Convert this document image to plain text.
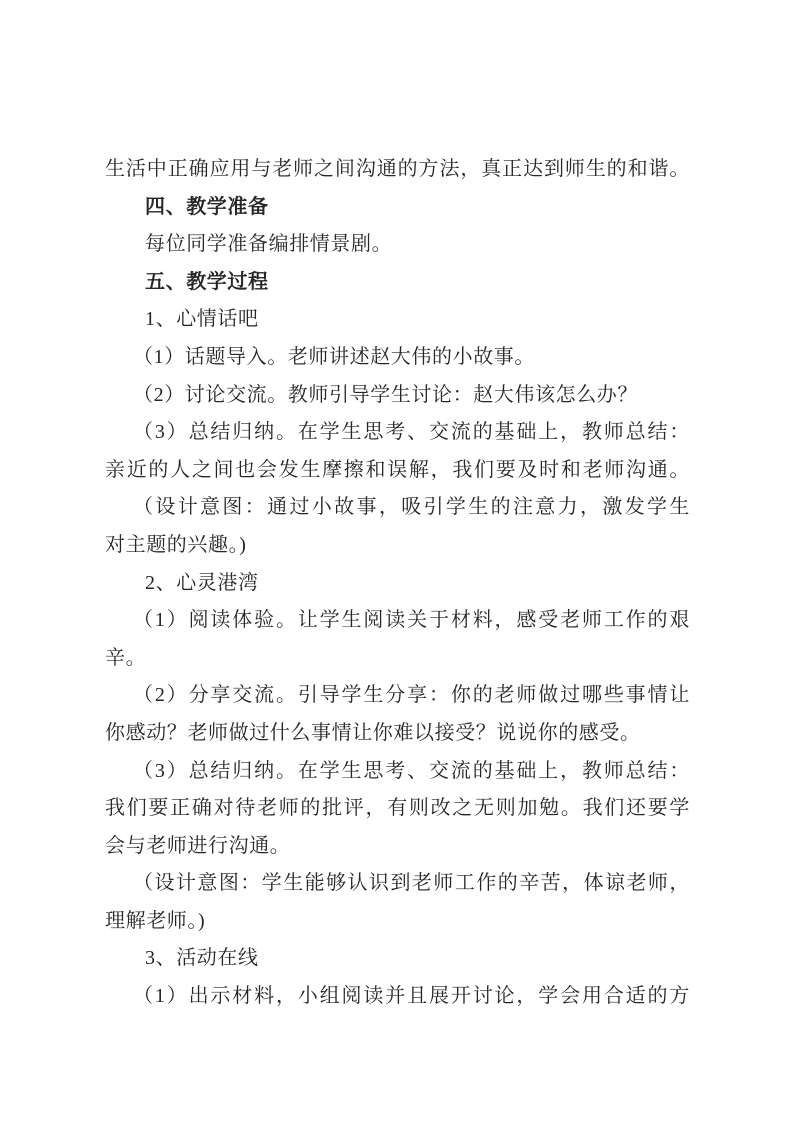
生活中正确应用与老师之间沟通的方法，真正达到师生的和谐。
四、教学准备
每位同学准备编排情景剧。
五、教学过程
1、心情话吧
（1）话题导入。老师讲述赵大伟的小故事。
（2）讨论交流。教师引导学生讨论：赵大伟该怎么办？
（3）总结归纳。在学生思考、交流的基础上，教师总结：
亲近的人之间也会发生摩擦和误解，我们要及时和老师沟通。
（设计意图：通过小故事，吸引学生的注意力，激发学生
对主题的兴趣。)
2、心灵港湾
（1）阅读体验。让学生阅读关于材料，感受老师工作的艰
辛。
（2）分享交流。引导学生分享：你的老师做过哪些事情让
你感动？老师做过什么事情让你难以接受？说说你的感受。
（3）总结归纳。在学生思考、交流的基础上，教师总结：
我们要正确对待老师的批评，有则改之无则加勉。我们还要学
会与老师进行沟通。
（设计意图：学生能够认识到老师工作的辛苦，体谅老师，
理解老师。)
3、活动在线
（1）出示材料，小组阅读并且展开讨论，学会用合适的方
